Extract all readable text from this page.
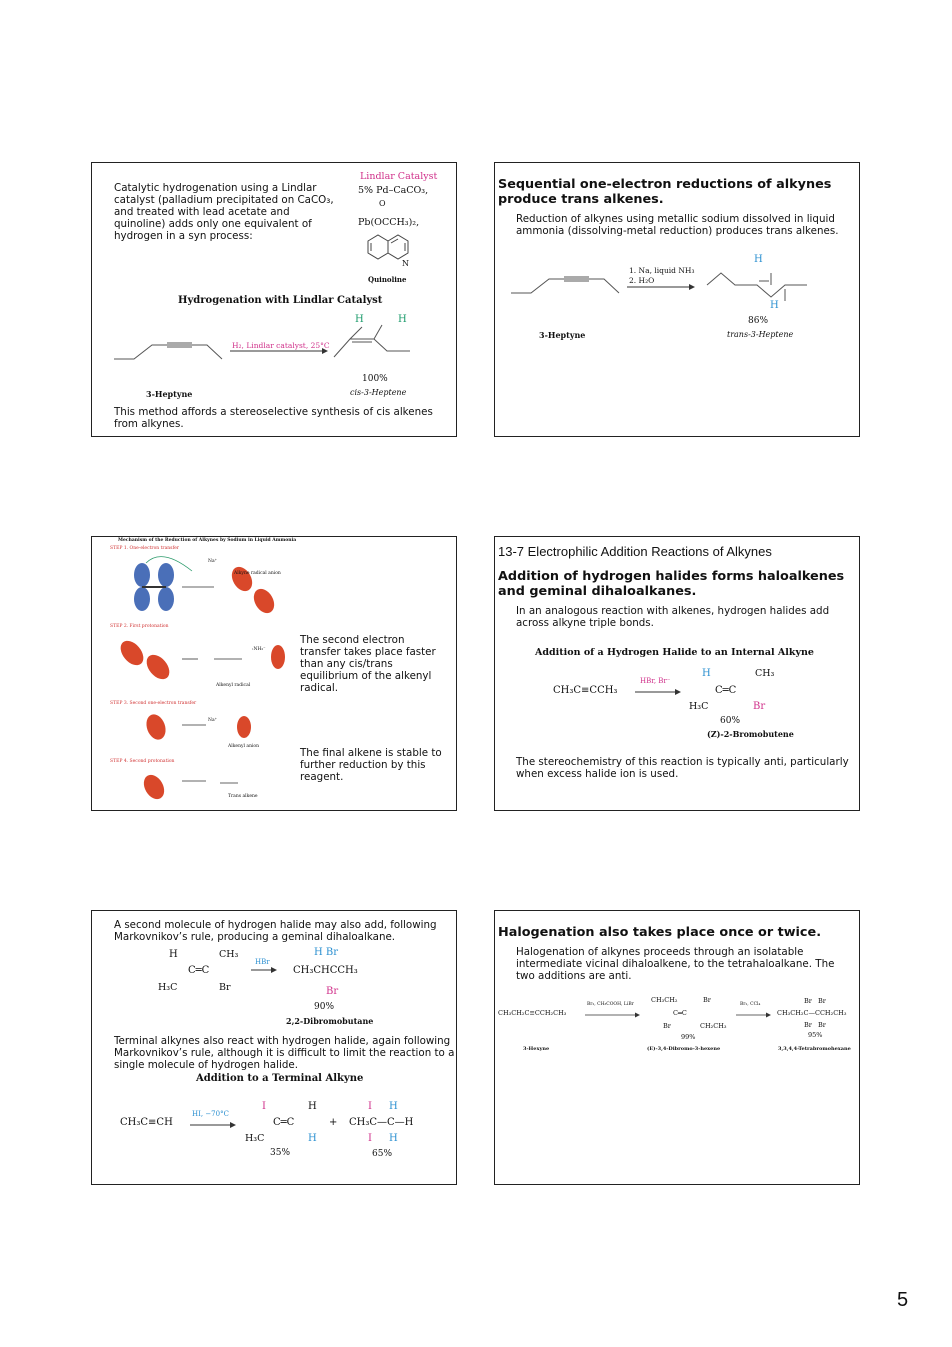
Catalytic hydrogenation using a Lindlar catalyst (palladium precipitated on CaCO₃, and treated with lead acetate and quinoline) adds only one equivalent of hydrogen in a syn process:

Lindlar Catalyst
5% Pd–CaCO₃,
O
Pb(OCCH₃)₂,
N
Quinoline
Hydrogenation with Lindlar Catalyst
H₂, Lindlar catalyst, 25°C
H	H
3-Heptyne
100%
cis-3-Heptene

This method affords a stereoselective synthesis of cis alkenes from alkynes.

Sequential one-electron reductions of alkynes produce trans alkenes.

Reduction of alkynes using metallic sodium dissolved in liquid ammonia (dissolving-metal reduction) produces trans alkenes.

1. Na, liquid NH₃
2. H₂O
H
H
3-Heptyne
86%
trans-3-Heptene
Mechanism of the Reduction of Alkynes by Sodium in Liquid Ammonia
STEP 1. One-electron transfer
Na⁺
Alkyne radical anion
STEP 2. First protonation
:NH₂⁻
Alkenyl radical
STEP 3. Second one-electron transfer
Na⁺
Alkenyl anion
STEP 4. Second protonation
Trans alkene

The second electron transfer takes place faster than any cis/trans equilibrium of the alkenyl radical.

The final alkene is stable to further reduction by this reagent.

13-7 Electrophilic Addition Reactions of Alkynes

Addition of hydrogen halides forms haloalkenes and geminal dihaloalkanes.

In an analogous reaction with alkenes, hydrogen halides add across alkyne triple bonds.

Addition of a Hydrogen Halide to an Internal Alkyne
CH₃C≡CCH₃
HBr, Br⁻
H	CH₃
C═C
H₃C	Br
60%
(Z)-2-Bromobutene

The stereochemistry of this reaction is typically anti, particularly when excess halide ion is used.

A second molecule of hydrogen halide may also add, following Markovnikov’s rule, producing a geminal dihaloalkane.

H	CH₃
C═C
H₃C	Br
HBr
H Br
CH₃CHCCH₃
Br
90%
2,2-Dibromobutane

Terminal alkynes also react with hydrogen halide, again following Markovnikov’s rule, although it is difficult to limit the reaction to a single molecule of hydrogen halide.

Addition to a Terminal Alkyne
CH₃C≡CH
HI, −70°C
I	H
C═C
H₃C	H
35%
+
I H
CH₃C—C—H
I H
65%

Halogenation also takes place once or twice.

Halogenation of alkynes proceeds through an isolatable intermediate vicinal dihaloalkene, to the tetrahaloalkane. The two additions are anti.

CH₃CH₂C≡CCH₂CH₃
Br₂, CH₃COOH, LiBr
CH₃CH₂	Br
C═C
Br	CH₂CH₃
99%
Br₂, CCl₄	Br Br
CH₃CH₂C—CCH₂CH₃
Br Br
95%
3-Hexyne	(E)-3,4-Dibromo-3-hexene	3,3,4,4-Tetrabromohexane
5
